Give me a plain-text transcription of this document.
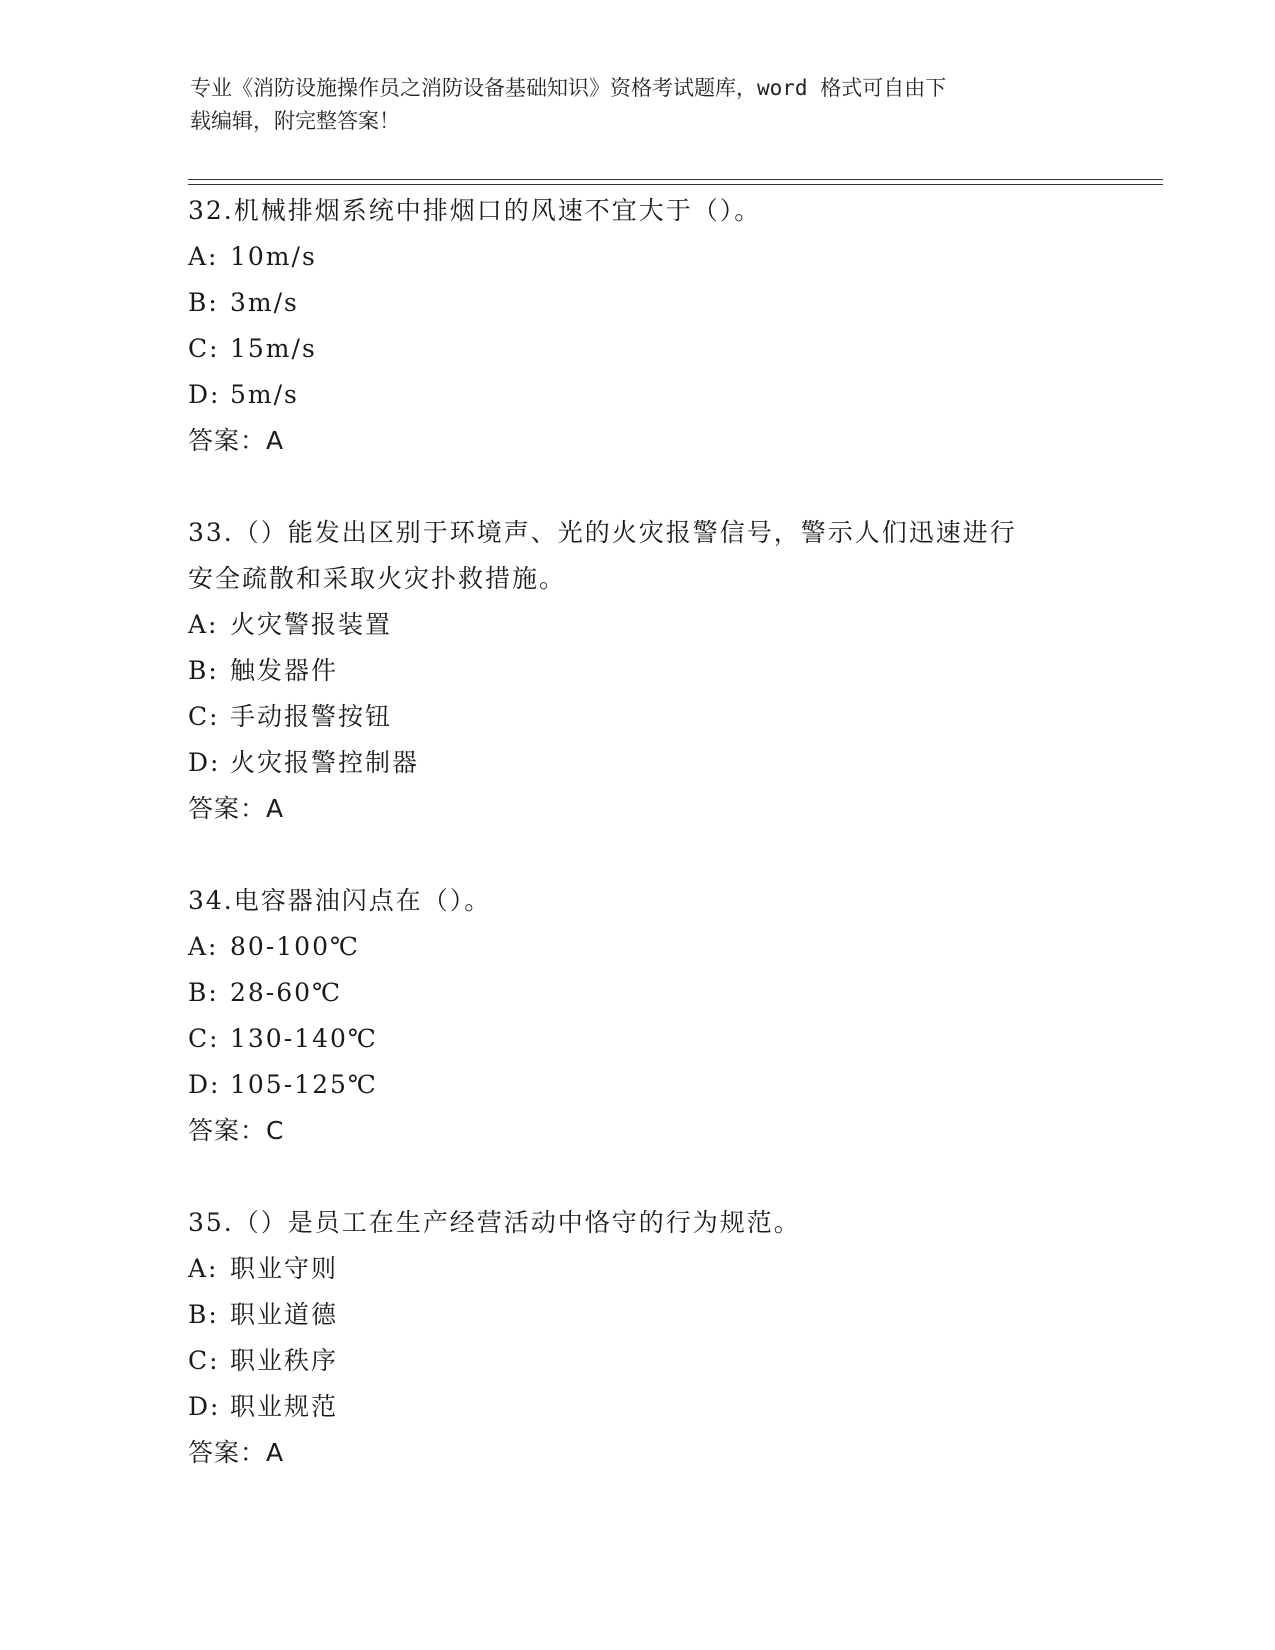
专业《消防设施操作员之消防设备基础知识》资格考试题库，word 格式可自由下
载编辑，附完整答案！

32.机械排烟系统中排烟口的风速不宜大于（）。

A: 10m/s
B: 3m/s
C: 15m/s
D: 5m/s

答案：A

33.（）能发出区别于环境声、光的火灾报警信号，警示人们迅速进行

安全疏散和采取火灾扑救措施。

A: 火灾警报装置
B: 触发器件
C: 手动报警按钮
D: 火灾报警控制器

答案：A

34.电容器油闪点在（）。

A: 80-100℃
B: 28-60℃
C: 130-140℃
D: 105-125℃

答案：C

35.（）是员工在生产经营活动中恪守的行为规范。

A: 职业守则
B: 职业道德
C: 职业秩序
D: 职业规范

答案：A
